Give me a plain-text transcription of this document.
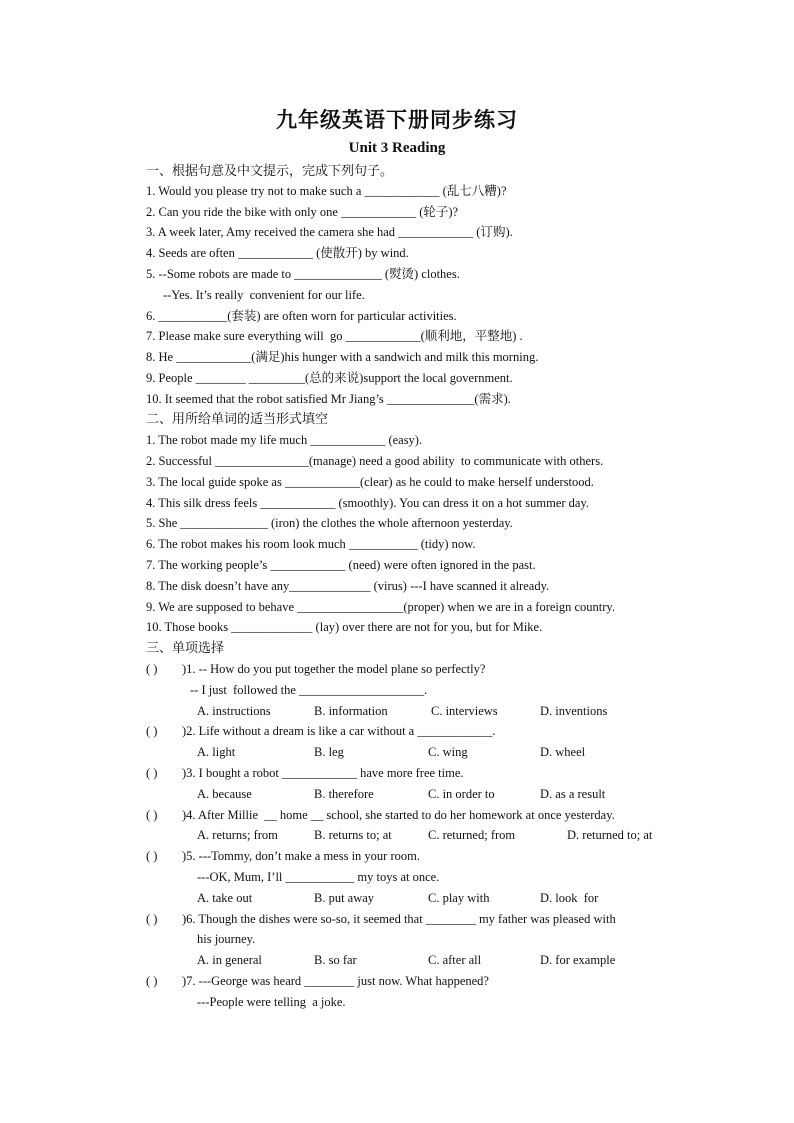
九年级英语下册同步练习
Unit 3 Reading
一、根据句意及中文提示，完成下列句子。
1. Would you please try not to make such a ____________ (乱七八糟)?
2. Can you ride the bike with only one ____________ (轮子)?
3. A week later, Amy received the camera she had ____________ (订购).
4. Seeds are often ____________ (使散开) by wind.
5. --Some robots are made to ______________ (熨烫) clothes.
--Yes. It’s really  convenient for our life.
6. ___________(套装) are often worn for particular activities.
7. Please make sure everything will  go ____________(顺利地，平整地) .
8. He ____________(满足)his hunger with a sandwich and milk this morning.
9. People ________ _________(总的来说)support the local government.
10. It seemed that the robot satisfied Mr Jiang’s ______________(需求).
二、用所给单词的适当形式填空
1. The robot made my life much ____________ (easy).
2. Successful _______________(manage) need a good ability  to communicate with others.
3. The local guide spoke as ____________(clear) as he could to make herself understood.
4. This silk dress feels ____________ (smoothly). You can dress it on a hot summer day.
5. She ______________ (iron) the clothes the whole afternoon yesterday.
6. The robot makes his room look much ___________ (tidy) now.
7. The working people’s ____________ (need) were often ignored in the past.
8. The disk doesn’t have any_____________ (virus) ---I have scanned it already.
9. We are supposed to behave _________________(proper) when we are in a foreign country.
10. Those books _____________ (lay) over there are not for you, but for Mike.
三、单项选择
( ) )1. -- How do you put together the model plane so perfectly?
-- I just  followed the ____________________.

A. instructions

	B. information

	C. interviews

	D. inventions

( ) )2. Life without a dream is like a car without a ____________.

A. light

	B. leg

	C. wing

	D. wheel

( ) )3. I bought a robot ____________ have more free time.

A. because

	B. therefore

	C. in order to

	D. as a result

( ) )4. After Millie  __ home __ school, she started to do her homework at once yesterday.

A. returns; from

	B. returns to; at

	C. returned; from

	D. returned to; at

( ) )5. ---Tommy, don’t make a mess in your room.
---OK, Mum, I’ll ___________ my toys at once.

A. take out

	B. put away

	C. play with

	D. look  for

( ) )6. Though the dishes were so-so, it seemed that ________ my father was pleased with
his journey.

A. in general

	B. so far

	C. after all

	D. for example

( ) )7. ---George was heard ________ just now. What happened?
---People were telling  a joke.
